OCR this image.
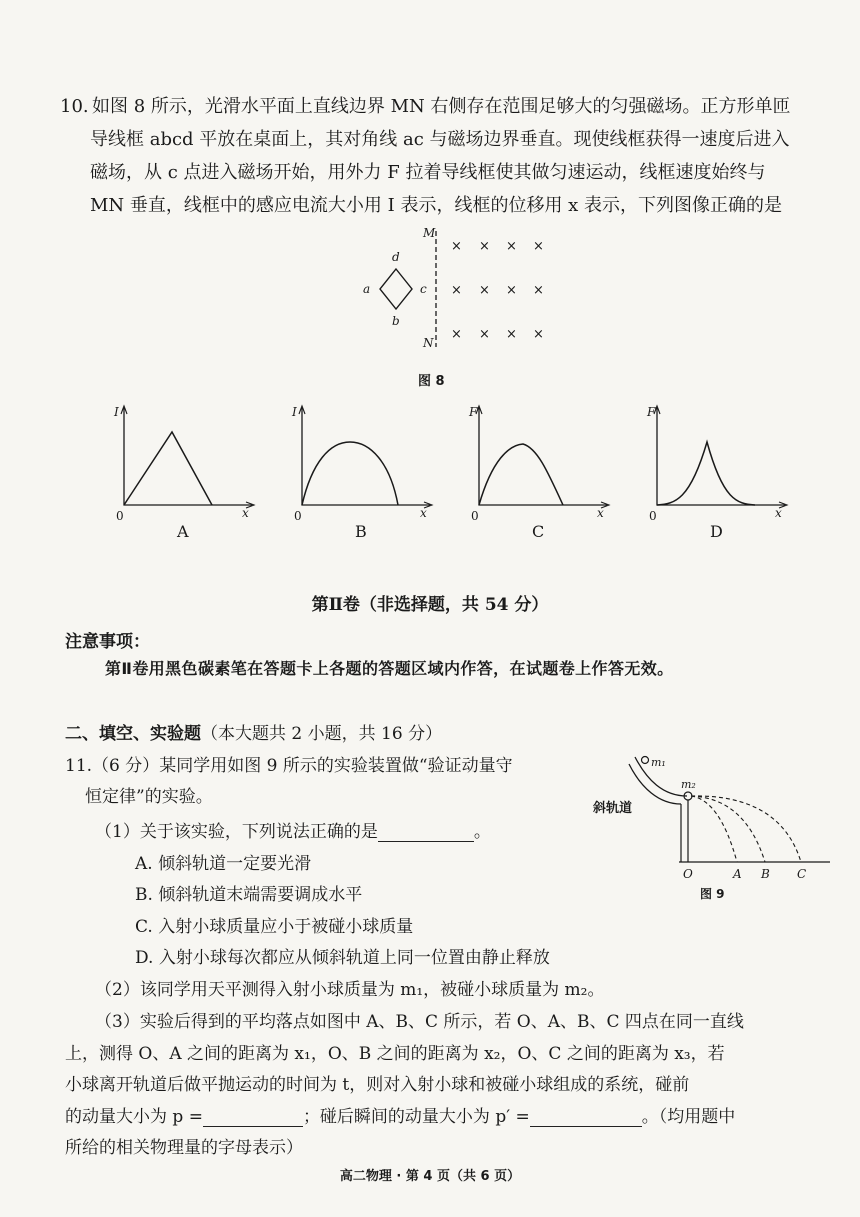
10. 如图 8 所示，光滑水平面上直线边界 MN 右侧存在范围足够大的匀强磁场。正方形单匝
导线框 abcd 平放在桌面上，其对角线 ac 与磁场边界垂直。现使线框获得一速度后进入
磁场，从 c 点进入磁场开始，用外力 F 拉着导线框使其做匀速运动，线框速度始终与
MN 垂直，线框中的感应电流大小用 I 表示，线框的位移用 x 表示，下列图像正确的是
M
N
d
a	c
b
× × × ×
× × × ×
× × × ×
图 8
I
0	x
A
I
0	x
B
F
0	x
C
F
0	x
D
第Ⅱ卷（非选择题，共 54 分）
注意事项：
第Ⅱ卷用黑色碳素笔在答题卡上各题的答题区域内作答，在试题卷上作答无效。
二、填空、实验题（本大题共 2 小题，共 16 分）
11.（6 分）某同学用如图 9 所示的实验装置做“验证动量守
恒定律”的实验。
（1）关于该实验，下列说法正确的是	。
A. 倾斜轨道一定要光滑
B. 倾斜轨道末端需要调成水平
C. 入射小球质量应小于被碰小球质量
D. 入射小球每次都应从倾斜轨道上同一位置由静止释放
（2）该同学用天平测得入射小球质量为 m₁，被碰小球质量为 m₂。
（3）实验后得到的平均落点如图中 A、B、C 所示，若 O、A、B、C 四点在同一直线
上，测得 O、A 之间的距离为 x₁，O、B 之间的距离为 x₂，O、C 之间的距离为 x₃，若
小球离开轨道后做平抛运动的时间为 t，则对入射小球和被碰小球组成的系统，碰前
的动量大小为 p =	；碰后瞬间的动量大小为 p′ =	。（均用题中
所给的相关物理量的字母表示）
斜轨道
m₁
m₂
O	A B C
图 9
高二物理 · 第 4 页（共 6 页）
